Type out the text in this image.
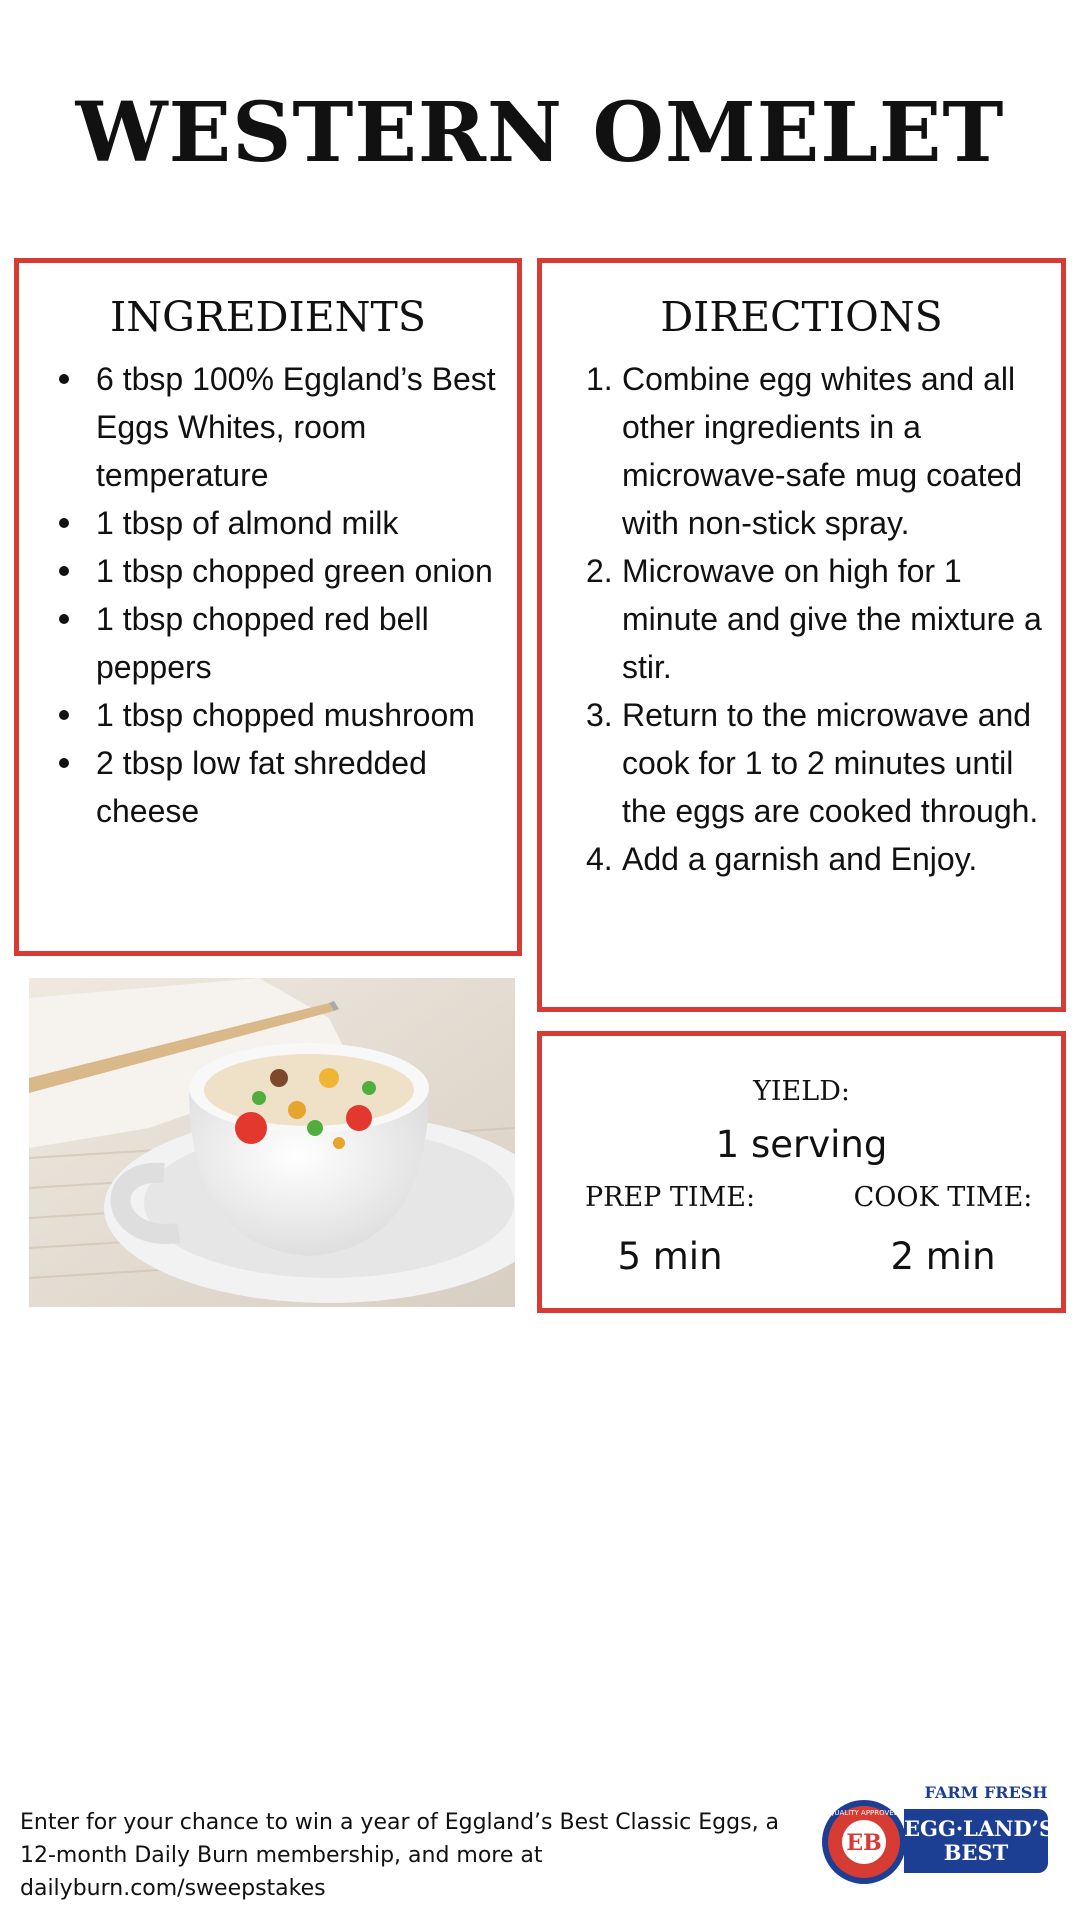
WESTERN OMELET
INGREDIENTS
6 tbsp 100% Eggland’s Best Eggs Whites, room temperature
1 tbsp of almond milk
1 tbsp chopped green onion
1 tbsp chopped red bell peppers
1 tbsp chopped mushroom
2 tbsp low fat shredded cheese
DIRECTIONS
1. Combine egg whites and all other ingredients in a microwave-safe mug coated with non-stick spray.
2. Microwave on high for 1 minute and give the mixture a stir.
3. Return to the microwave and cook for 1 to 2 minutes until the eggs are cooked through.
4. Add a garnish and Enjoy.
YIELD:
1 serving
PREP TIME:
5 min
COOK TIME:
2 min
Enter for your chance to win a year of Eggland’s Best Classic Eggs, a 12-month Daily Burn membership, and more at dailyburn.com/sweepstakes
FARM FRESH
EB
QUALITY APPROVED
EGG·LAND’S
BEST
